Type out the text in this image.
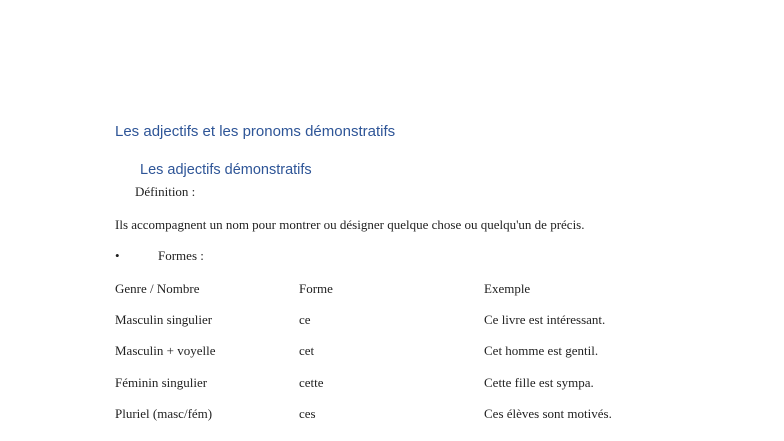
Les adjectifs et les pronoms démonstratifs
Les adjectifs démonstratifs
Définition :
Ils accompagnent un nom pour montrer ou désigner quelque chose ou quelqu'un de précis.
•	Formes :
Genre / Nombre	Forme	Exemple
Masculin singulier	ce	Ce livre est intéressant.
Masculin + voyelle	cet	Cet homme est gentil.
Féminin singulier	cette	Cette fille est sympa.
Pluriel (masc/fém)	ces	Ces élèves sont motivés.
